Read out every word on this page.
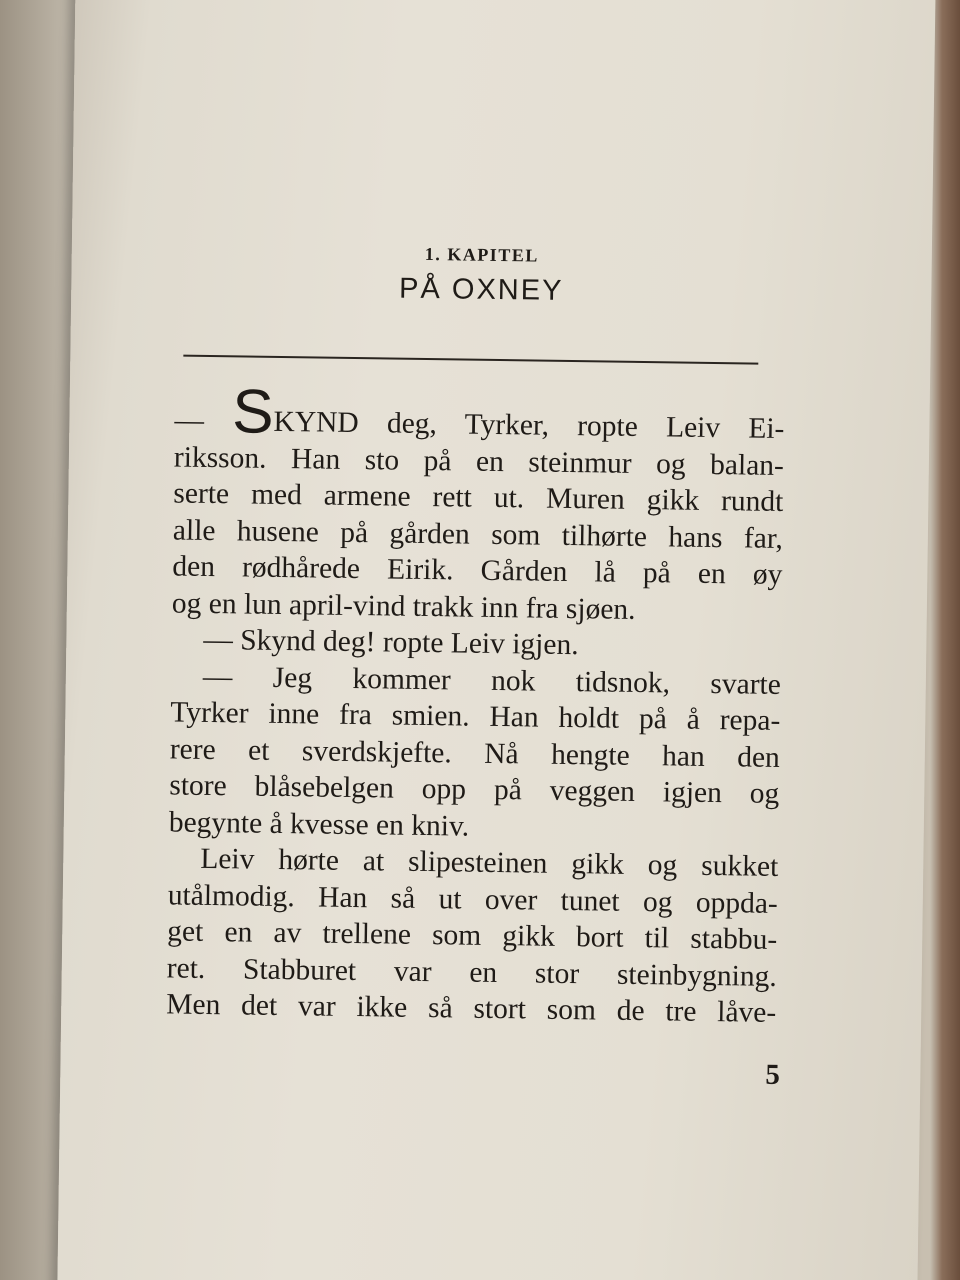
1. KAPITEL

PÅ OXNEY

— SKYND deg, Tyrker, ropte Leiv Ei-
riksson. Han sto på en steinmur og balan-
serte med armene rett ut. Muren gikk rundt
alle husene på gården som tilhørte hans far,
den rødhårede Eirik. Gården lå på en øy
og en lun april-vind trakk inn fra sjøen.

— Skynd deg! ropte Leiv igjen.

— Jeg kommer nok tidsnok, svarte
Tyrker inne fra smien. Han holdt på å repa-
rere et sverdskjefte. Nå hengte han den
store blåsebelgen opp på veggen igjen og
begynte å kvesse en kniv.

Leiv hørte at slipesteinen gikk og sukket
utålmodig. Han så ut over tunet og oppda-
get en av trellene som gikk bort til stabbu-
ret. Stabburet var en stor steinbygning.
Men det var ikke så stort som de tre låve-

5
